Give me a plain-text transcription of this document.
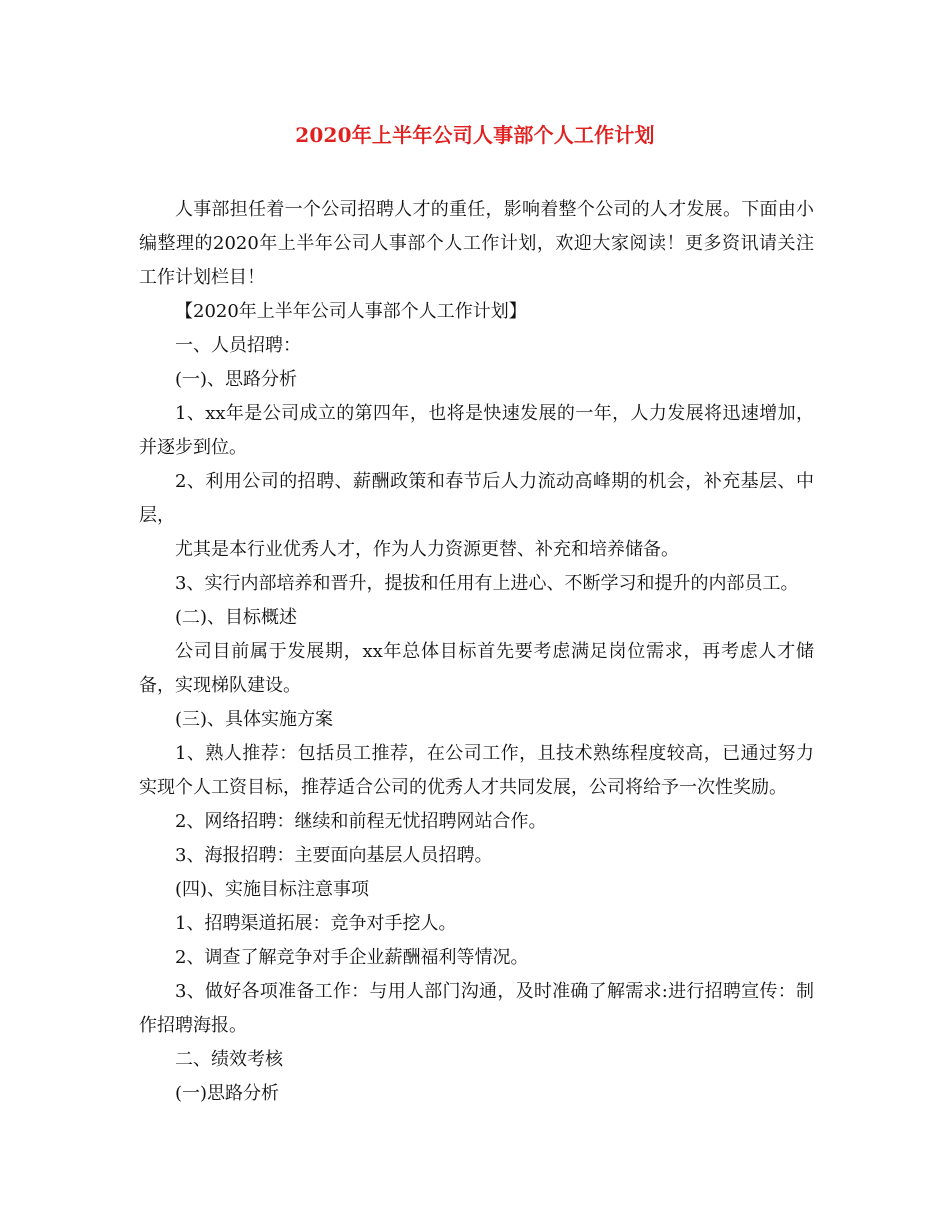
2020年上半年公司人事部个人工作计划

人事部担任着一个公司招聘人才的重任，影响着整个公司的人才发展。下面由小编整理的2020年上半年公司人事部个人工作计划，欢迎大家阅读！更多资讯请关注工作计划栏目！

【2020年上半年公司人事部个人工作计划】

一、人员招聘：

(一)、思路分析

1、xx年是公司成立的第四年，也将是快速发展的一年，人力发展将迅速增加，并逐步到位。

2、利用公司的招聘、薪酬政策和春节后人力流动高峰期的机会，补充基层、中层，

尤其是本行业优秀人才，作为人力资源更替、补充和培养储备。

3、实行内部培养和晋升，提拔和任用有上进心、不断学习和提升的内部员工。

(二)、目标概述

公司目前属于发展期，xx年总体目标首先要考虑满足岗位需求，再考虑人才储备，实现梯队建设。

(三)、具体实施方案

1、熟人推荐：包括员工推荐，在公司工作，且技术熟练程度较高，已通过努力实现个人工资目标，推荐适合公司的优秀人才共同发展，公司将给予一次性奖励。

2、网络招聘：继续和前程无忧招聘网站合作。

3、海报招聘：主要面向基层人员招聘。

(四)、实施目标注意事项

1、招聘渠道拓展：竞争对手挖人。

2、调查了解竞争对手企业薪酬福利等情况。

3、做好各项准备工作：与用人部门沟通，及时准确了解需求:进行招聘宣传：制作招聘海报。

二、绩效考核

(一)思路分析
